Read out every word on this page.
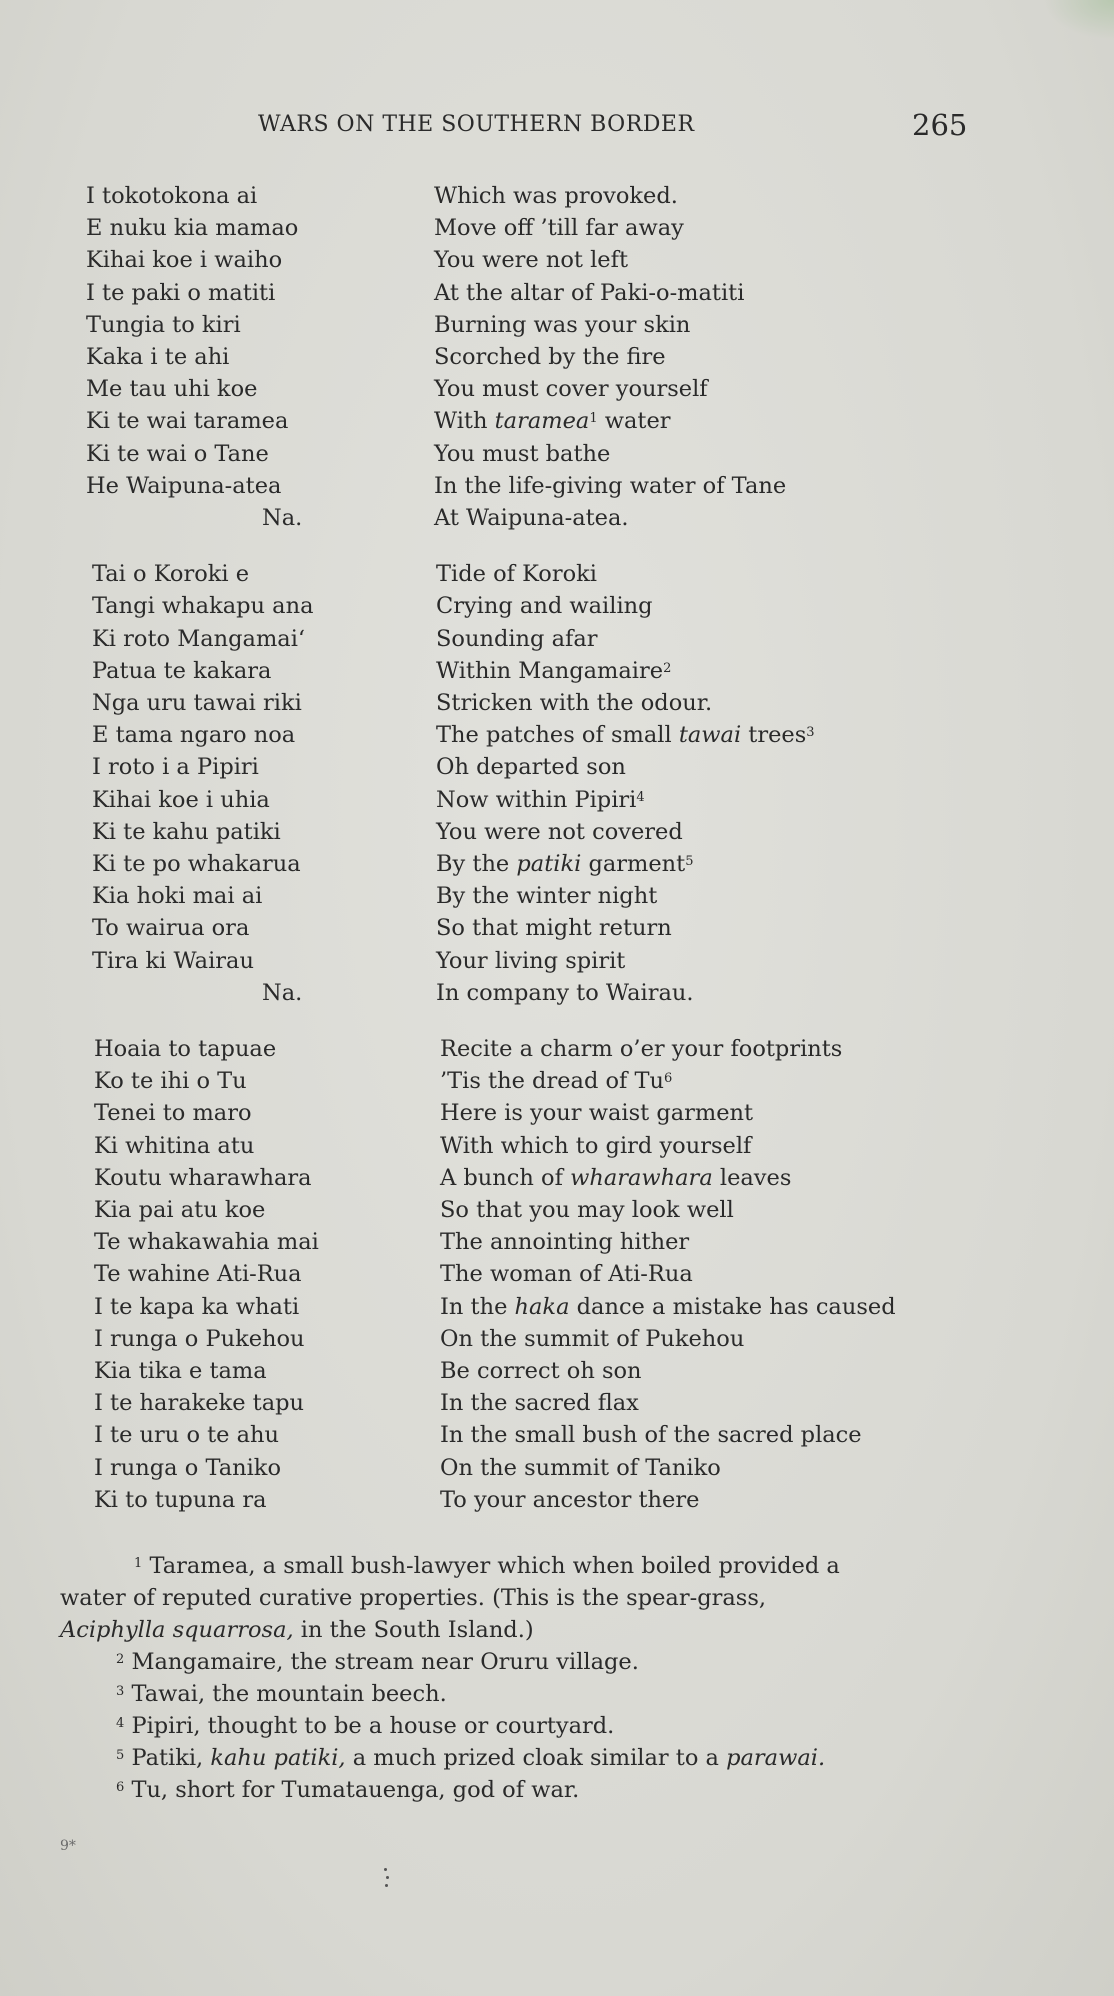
WARS ON THE SOUTHERN BORDER	265
I tokotokona ai	Which was provoked.
E nuku kia mamao	Move off ’till far away
Kihai koe i waiho	You were not left
I te paki o matiti	At the altar of Paki-o-matiti
Tungia to kiri	Burning was your skin
Kaka i te ahi	Scorched by the fire
Me tau uhi koe	You must cover yourself
Ki te wai taramea	With taramea$^1$ water
Ki te wai o Tane	You must bathe
He Waipuna-atea	In the life-giving water of Tane
Na.	At Waipuna-atea.
Tai o Koroki e	Tide of Koroki
Tangi whakapu ana	Crying and wailing
Ki roto Mangamai‘	Sounding afar
Patua te kakara	Within Mangamaire$^2$
Nga uru tawai riki	Stricken with the odour.
E tama ngaro noa	The patches of small tawai trees$^3$
I roto i a Pipiri	Oh departed son
Kihai koe i uhia	Now within Pipiri$^4$
Ki te kahu patiki	You were not covered
Ki te po whakarua	By the patiki garment$^5$
Kia hoki mai ai	By the winter night
To wairua ora	So that might return
Tira ki Wairau	Your living spirit
Na.	In company to Wairau.
Hoaia to tapuae	Recite a charm o’er your footprints
Ko te ihi o Tu	’Tis the dread of Tu$^6$
Tenei to maro	Here is your waist garment
Ki whitina atu	With which to gird yourself
Koutu wharawhara	A bunch of wharawhara leaves
Kia pai atu koe	So that you may look well
Te whakawahia mai	The annointing hither
Te wahine Ati-Rua	The woman of Ati-Rua
I te kapa ka whati	In the haka dance a mistake has caused
I runga o Pukehou	On the summit of Pukehou
Kia tika e tama	Be correct oh son
I te harakeke tapu	In the sacred flax
I te uru o te ahu	In the small bush of the sacred place
I runga o Taniko	On the summit of Taniko
Ki to tupuna ra	To your ancestor there
$^1$ Taramea, a small bush-lawyer which when boiled provided a
water of reputed curative properties. (This is the spear-grass,
Aciphylla squarrosa, in the South Island.)
$^2$ Mangamaire, the stream near Oruru village.
$^3$ Tawai, the mountain beech.
$^4$ Pipiri, thought to be a house or courtyard.
$^5$ Patiki, kahu patiki, a much prized cloak similar to a parawai.
$^6$ Tu, short for Tumatauenga, god of war.
9*
